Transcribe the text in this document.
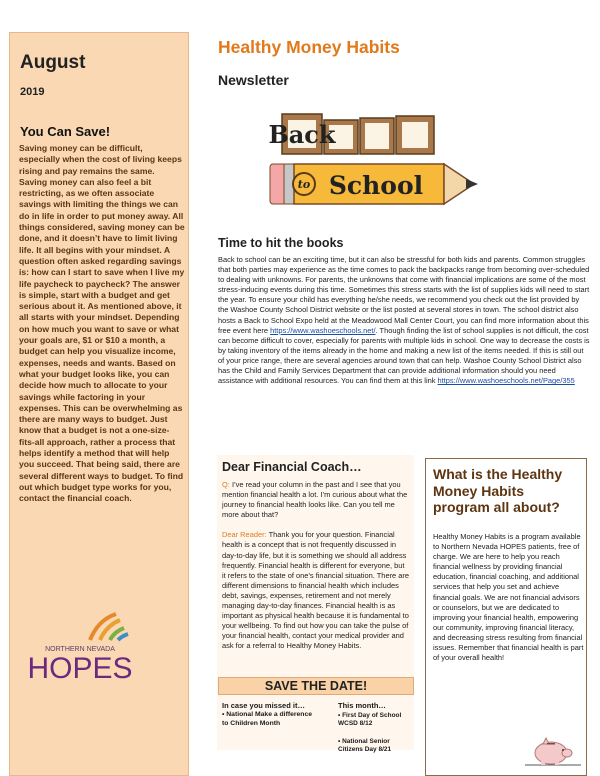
August
2019
You Can Save!
Saving money can be difficult, especially when the cost of living keeps rising and pay remains the same. Saving money can also feel a bit restricting, as we often associate savings with limiting the things we can do in life in order to put money away. All things considered, saving money can be done, and it doesn’t have to limit living life. It all begins with your mindset. A question often asked regarding savings is: how can I start to save when I live my life paycheck to paycheck? The answer is simple, start with a budget and get serious about it. As mentioned above, it all starts with your mindset. Depending on how much you want to save or what your goals are, $1 or $10 a month, a budget can help you visualize income, expenses, needs and wants. Based on what your budget looks like, you can decide how much to allocate to your savings while factoring in your expenses. This can be overwhelming as there are many ways to budget. Just know that a budget is not a one-size-fits-all approach, rather a process that helps identify a method that will help you succeed. That being said, there are several different ways to budget. To find out which budget type works for you, contact the financial coach.
NORTHERN NEVADA
HOPES
Healthy Money Habits
Newsletter
Back
to School
Time to hit the books
Back to school can be an exciting time, but it can also be stressful for both kids and parents. Common struggles that both parties may experience as the time comes to pack the backpacks range from becoming over-scheduled to dealing with unknowns. For parents, the unknowns that come with financial implications are some of the most stress-inducing events during this time. Sometimes this stress starts with the list of supplies kids will need to start the year. To ensure your child has everything he/she needs, we recommend you check out the list provided by the Washoe County School District website or the list posted at several stores in town. The school district also hosts a Back to School Expo held at the Meadowood Mall Center Court, you can find more information about this free event here https://www.washoeschools.net/. Though finding the list of school supplies is not difficult, the cost can become difficult to cover, especially for parents with multiple kids in school. One way to decrease the costs is by taking inventory of the items already in the home and making a new list of the items needed. If this is still out of your price range, there are several agencies around town that can help. Washoe County School District also has the Child and Family Services Department that can provide additional information should you need assistance with additional resources. You can find them at this link https://www.washoeschools.net/Page/355
Dear Financial Coach…
Q: I’ve read your column in the past and I see that you mention financial health a lot. I’m curious about what the journey to financial health looks like. Can you tell me more about that?
Dear Reader: Thank you for your question. Financial health is a concept that is not frequently discussed in day-to-day life, but it is something we should all address frequently. Financial health is different for everyone, but it refers to the state of one’s financial situation. There are different dimensions to financial health which includes debt, savings, expenses, retirement and not merely managing day-to-day finances. Financial health is as important as physical health because it is fundamental to your wellbeing. To find out how you can take the pulse of your financial health, contact your medical provider and ask for a referral to Healthy Money Habits.
SAVE THE DATE!
In case you missed it…
• National Make a difference to Children Month
This month…
• First Day of School WCSD 8/12
• National Senior Citizens Day 8/21
What is the Healthy Money Habits program all about?
Healthy Money Habits is a program available to Northern Nevada HOPES patients, free of charge. We are here to help you reach financial wellness by providing financial education, financial coaching, and additional services that help you set and achieve financial goals. We are not financial advisors or counselors, but we are dedicated to improving your financial health, empowering our community, improving financial literacy, and decreasing stress resulting from financial issues. Remember that financial health is part of your overall health!
